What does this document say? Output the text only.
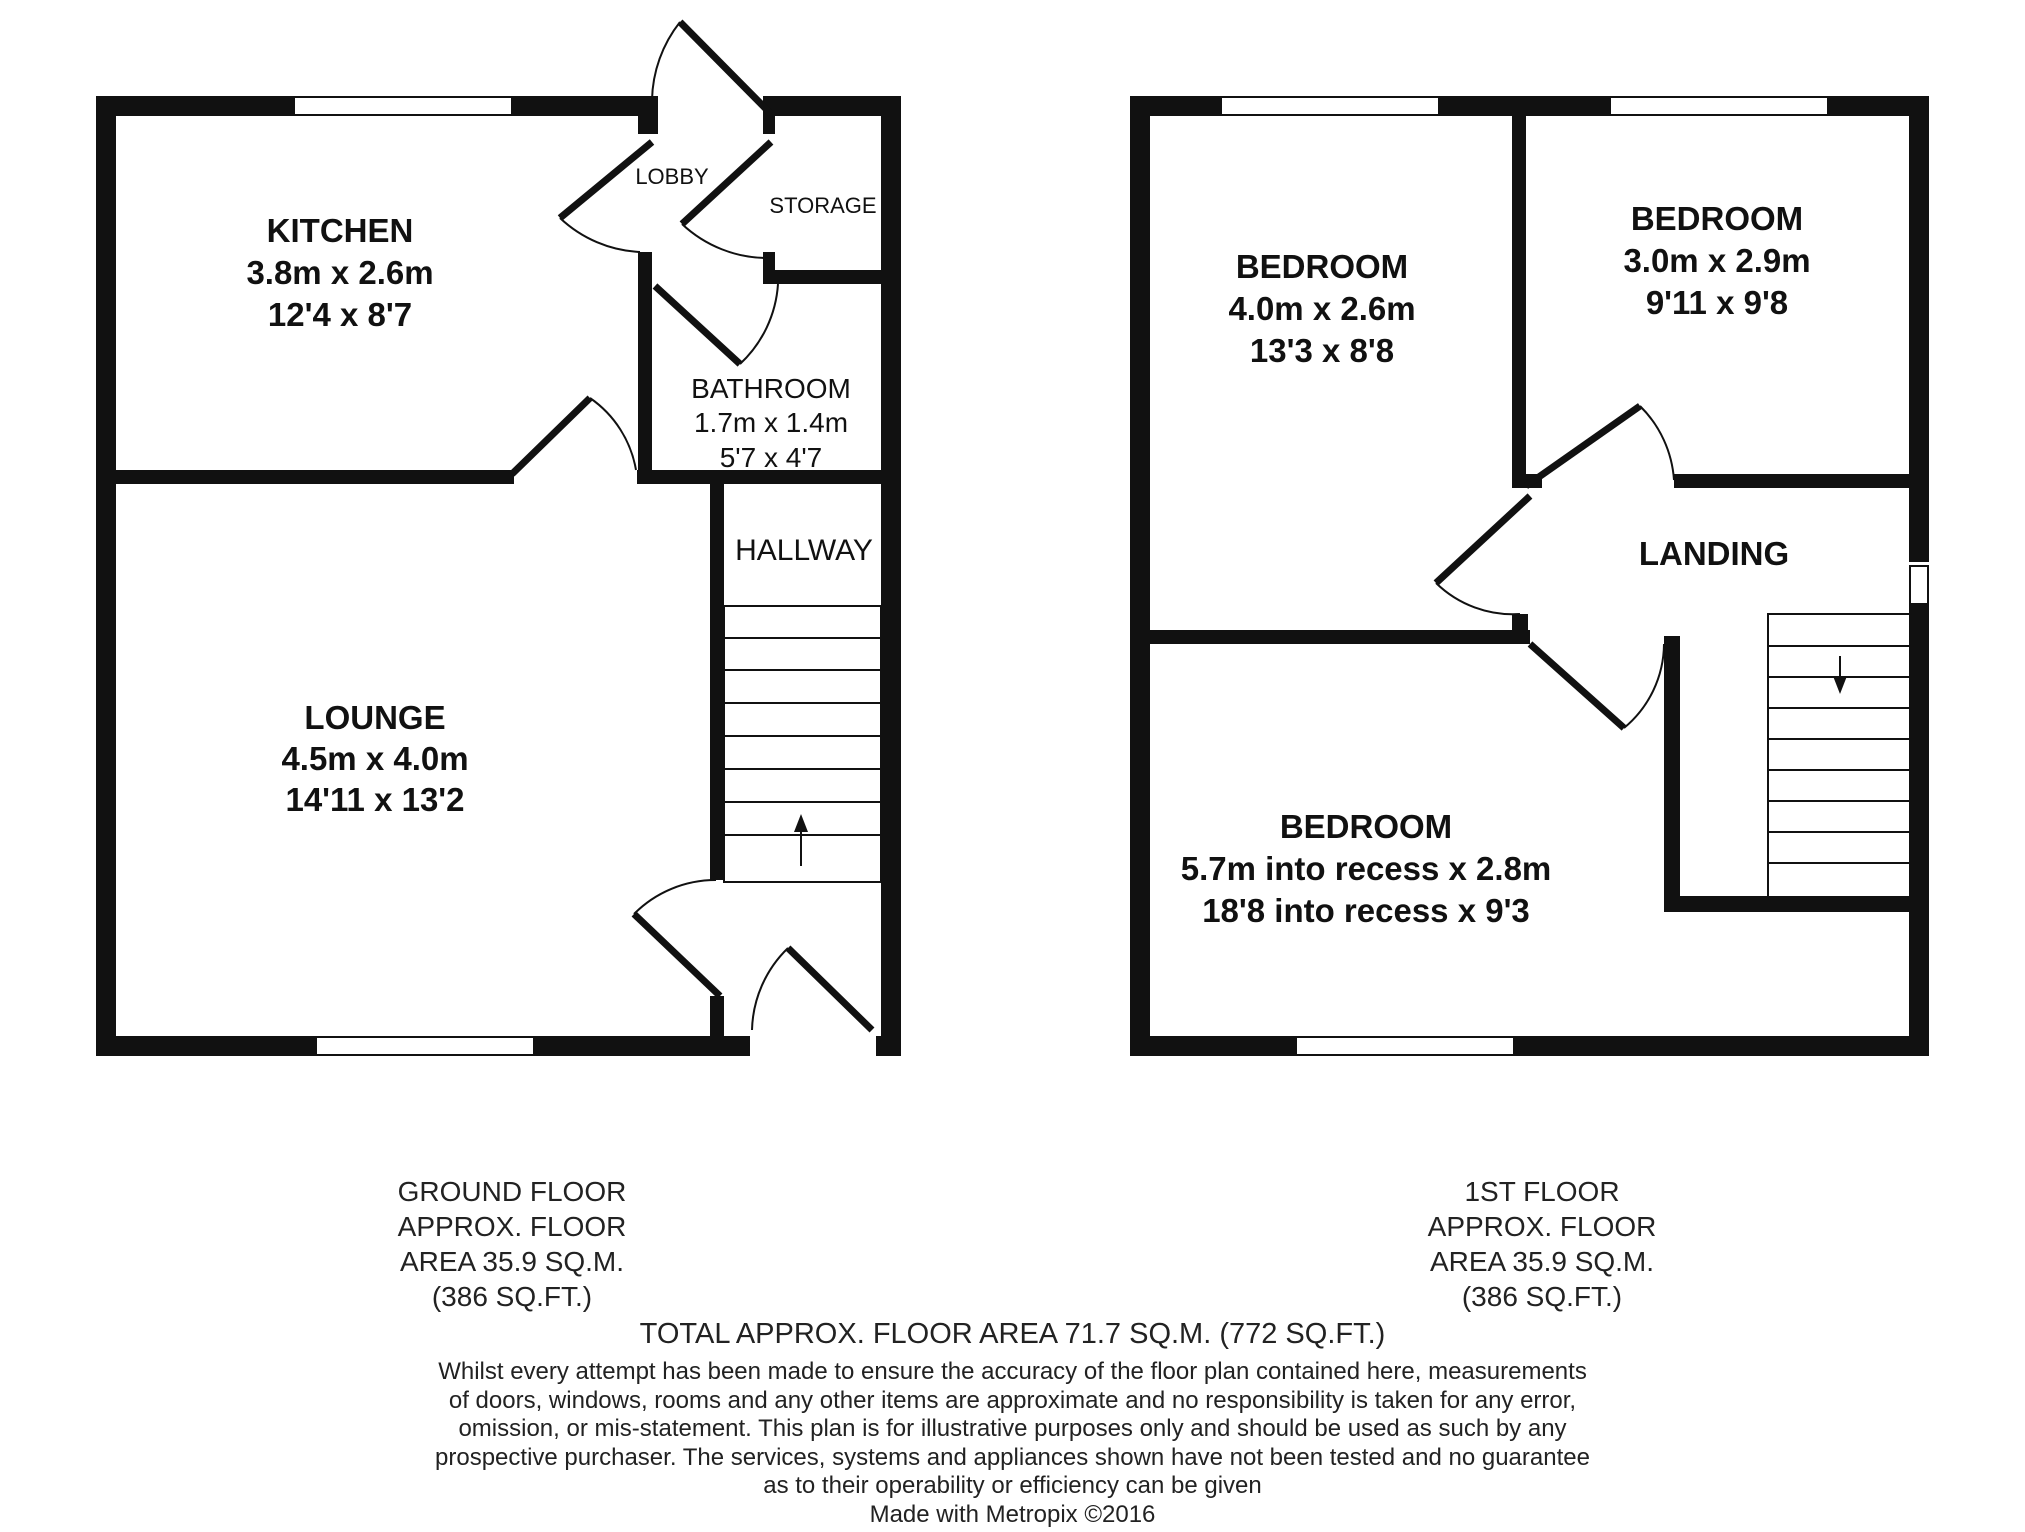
KITCHEN
3.8m x 2.6m
12'4 x 8'7
LOBBY
STORAGE
BATHROOM
1.7m x 1.4m
5'7 x 4'7
HALLWAY
LOUNGE
4.5m x 4.0m
14'11 x 13'2
BEDROOM
4.0m x 2.6m
13'3 x 8'8
BEDROOM
3.0m x 2.9m
9'11 x 9'8
LANDING
BEDROOM
5.7m into recess x 2.8m
18'8 into recess x 9'3
GROUND FLOOR
APPROX. FLOOR
AREA 35.9 SQ.M.
(386 SQ.FT.)
1ST FLOOR
APPROX. FLOOR
AREA 35.9 SQ.M.
(386 SQ.FT.)
TOTAL APPROX. FLOOR AREA 71.7 SQ.M. (772 SQ.FT.)
Whilst every attempt has been made to ensure the accuracy of the floor plan contained here, measurements
of doors, windows, rooms and any other items are approximate and no responsibility is taken for any error,
omission, or mis-statement. This plan is for illustrative purposes only and should be used as such by any
prospective purchaser. The services, systems and appliances shown have not been tested and no guarantee
as to their operability or efficiency can be given
Made with Metropix ©2016
